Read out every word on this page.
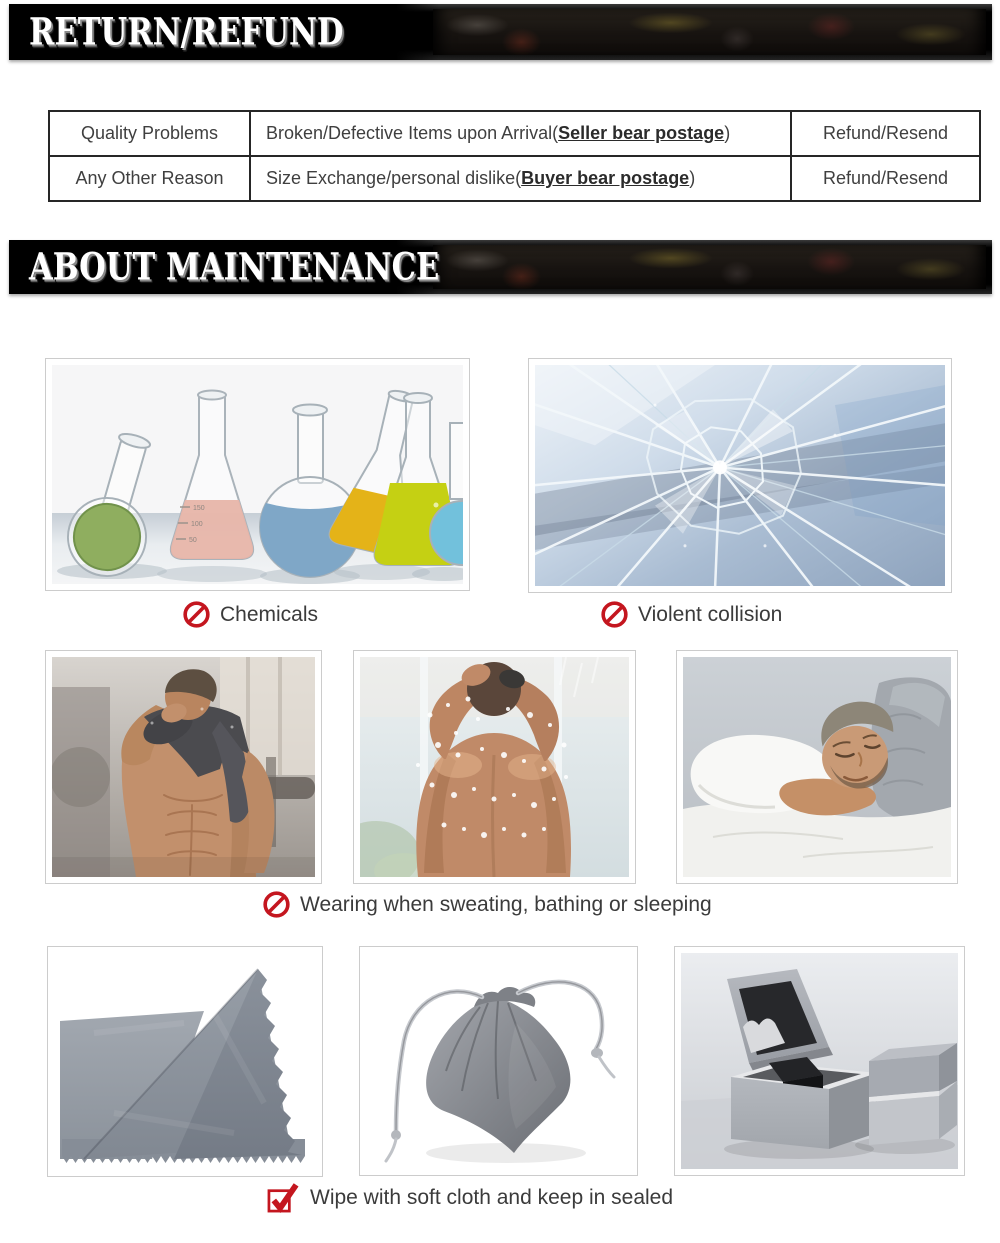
RETURN/REFUND
Quality Problems	Broken/Defective Items upon Arrival(Seller bear postage)	Refund/Resend
Any Other Reason	Size Exchange/personal dislike(Buyer bear postage)	Refund/Resend
ABOUT MAINTENANCE
150
100
50
Chemicals	Violent collision
Wearing when sweating, bathing or sleeping
Wipe with soft cloth and keep in sealed
